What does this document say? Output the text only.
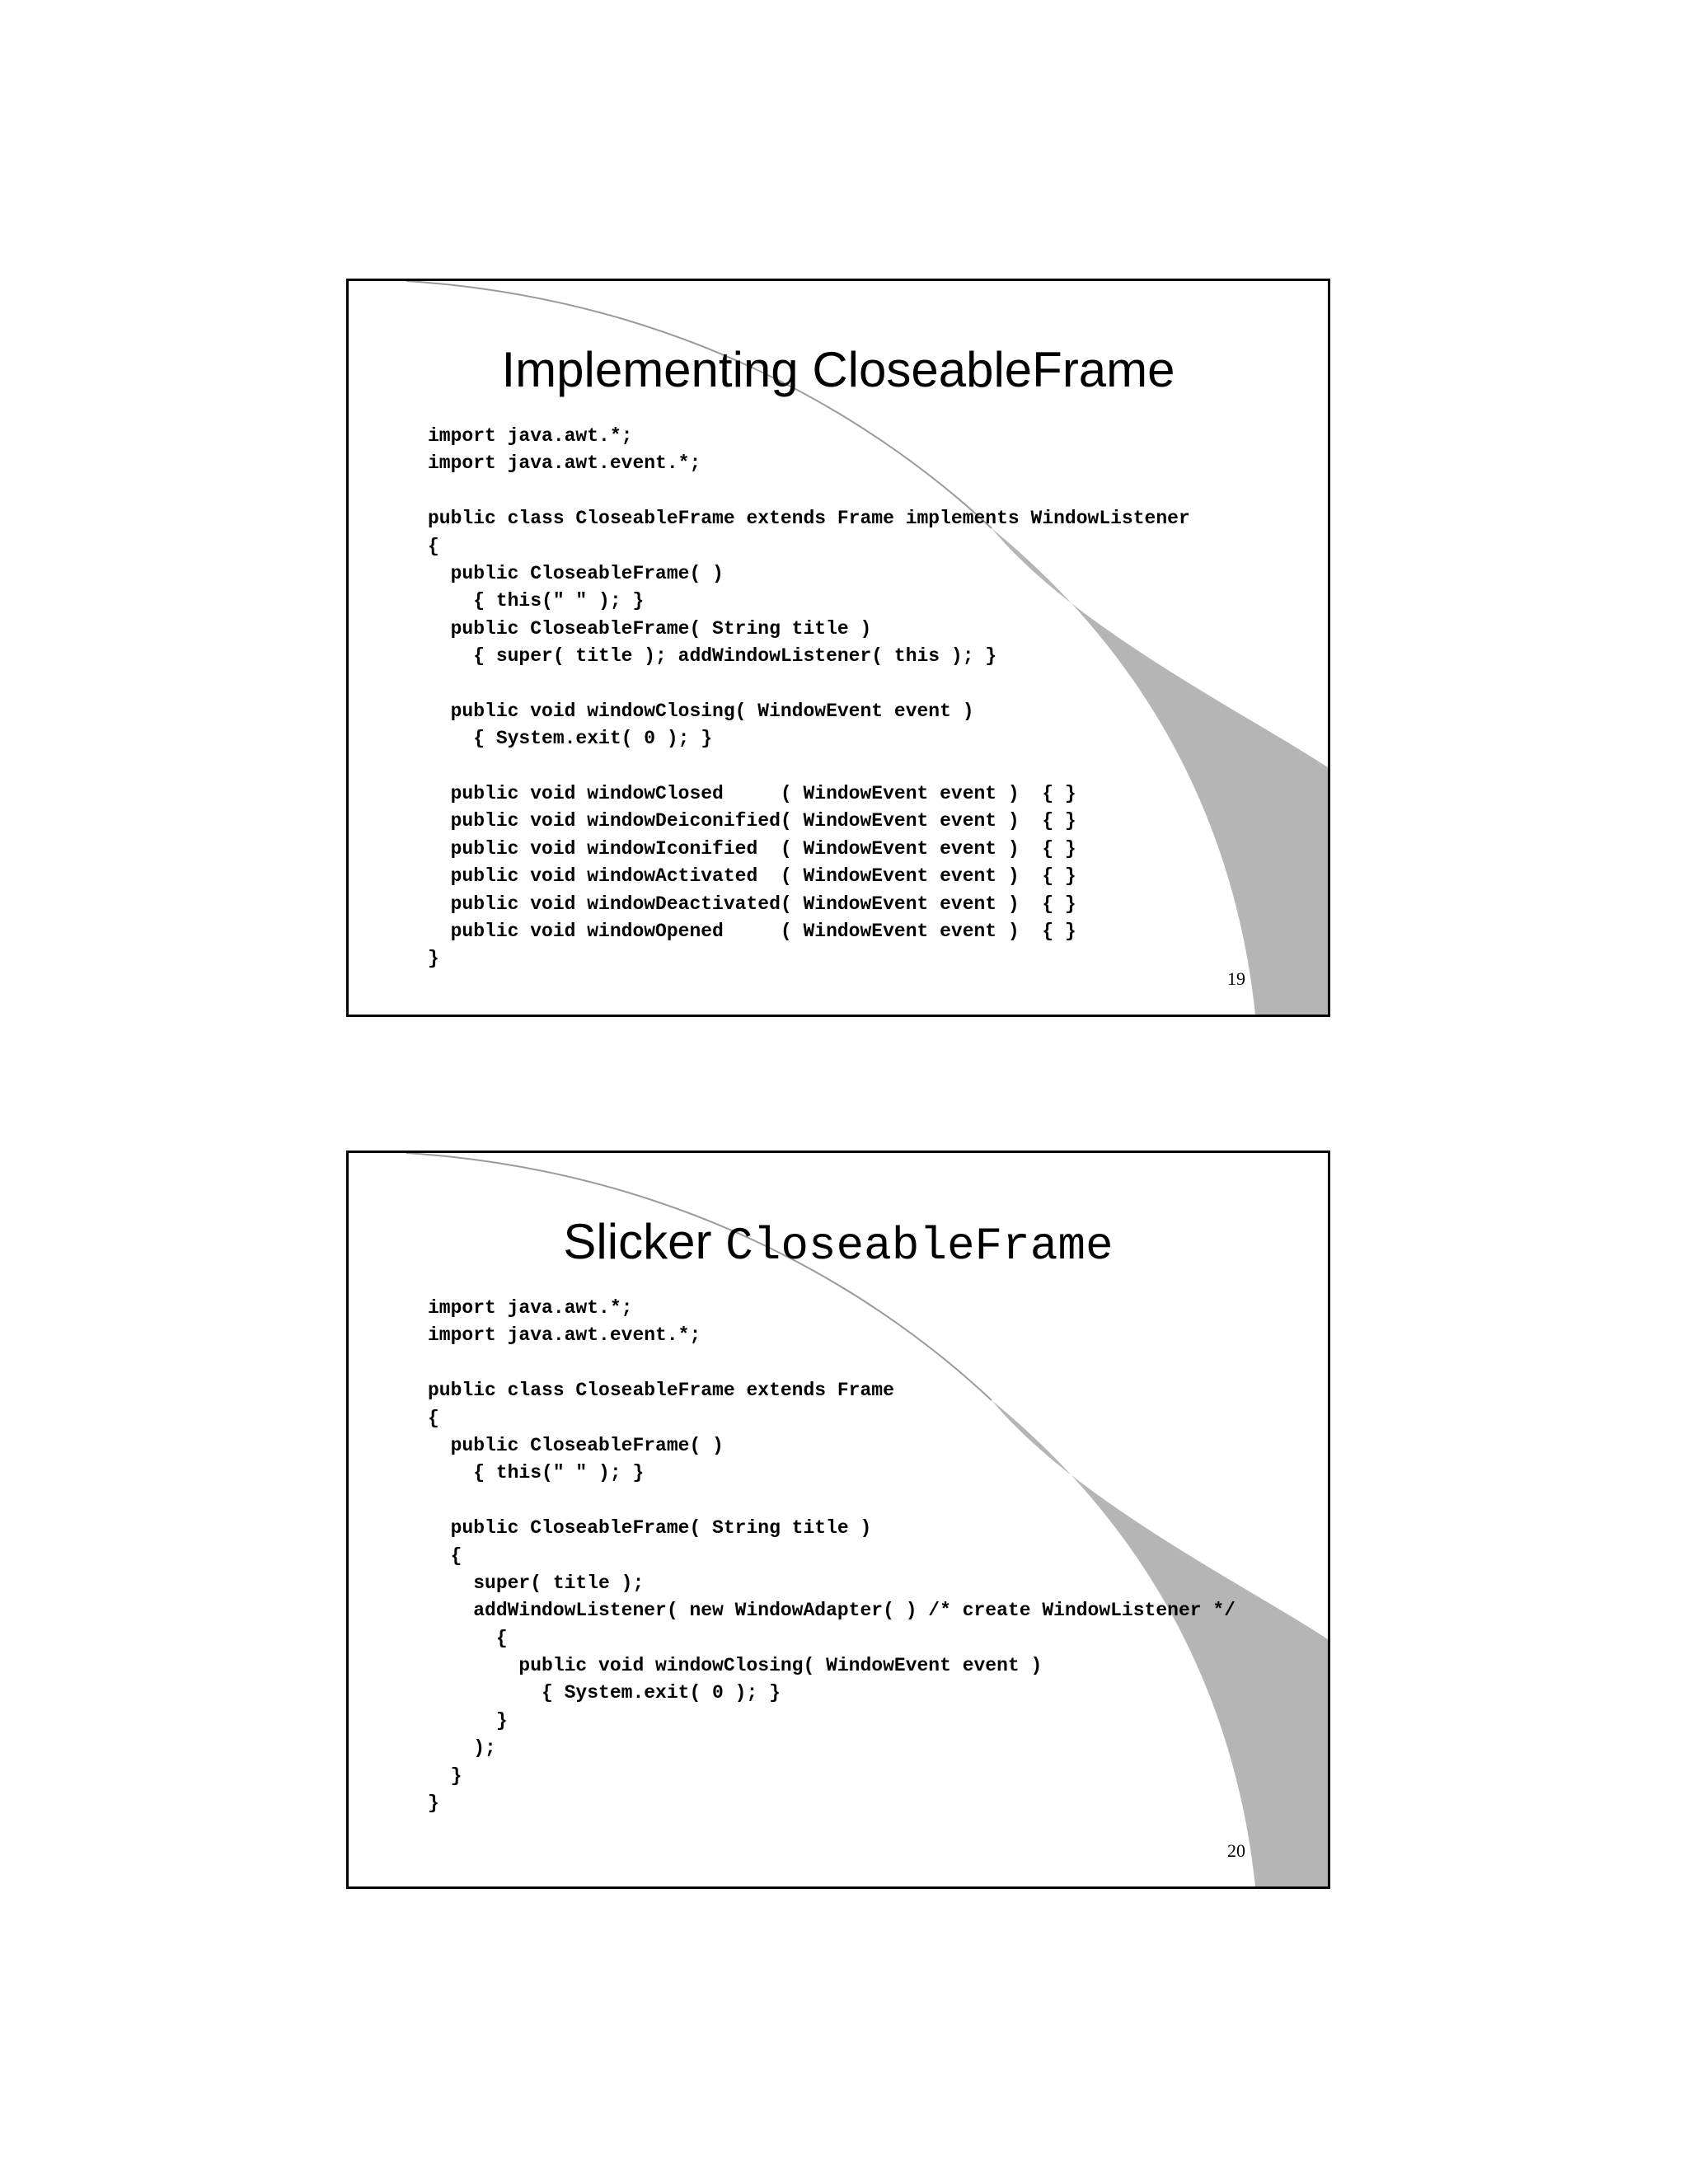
Implementing CloseableFrame
import java.awt.*;
import java.awt.event.*;
public class CloseableFrame extends Frame implements WindowListener
{
public CloseableFrame( )
{ this(" " ); }
public CloseableFrame( String title )
{ super( title ); addWindowListener( this ); }
public void windowClosing( WindowEvent event )
{ System.exit( 0 ); }
public void windowClosed     ( WindowEvent event )  { }
public void windowDeiconified( WindowEvent event )  { }
public void windowIconified  ( WindowEvent event )  { }
public void windowActivated  ( WindowEvent event )  { }
public void windowDeactivated( WindowEvent event )  { }
public void windowOpened     ( WindowEvent event )  { }
}
19
Slicker CloseableFrame
import java.awt.*;
import java.awt.event.*;
public class CloseableFrame extends Frame
{
public CloseableFrame( )
{ this(" " ); }
public CloseableFrame( String title )
{
super( title );
addWindowListener( new WindowAdapter( ) /* create WindowListener */
{
public void windowClosing( WindowEvent event )
{ System.exit( 0 ); }
}
);
}
}
20
